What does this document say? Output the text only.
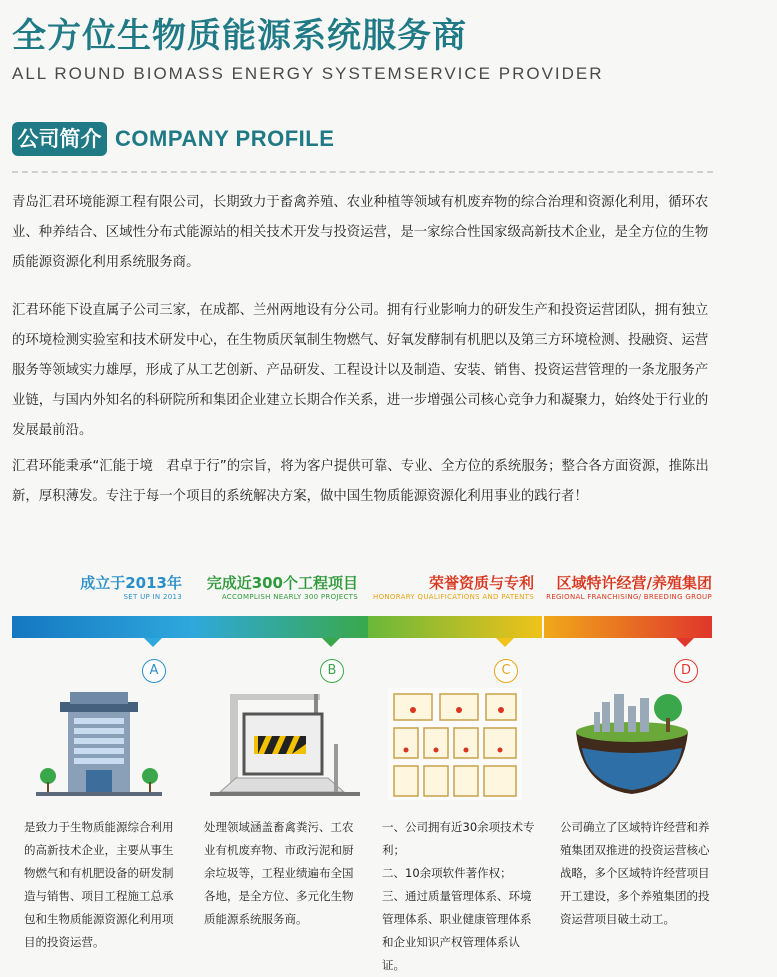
全方位生物质能源系统服务商
ALL ROUND BIOMASS ENERGY SYSTEMSERVICE PROVIDER
公司简介 COMPANY PROFILE
青岛汇君环境能源工程有限公司，长期致力于畜禽养殖、农业种植等领域有机废弃物的综合治理和资源化利用，循环农业、种养结合、区域性分布式能源站的相关技术开发与投资运营，是一家综合性国家级高新技术企业，是全方位的生物质能源资源化利用系统服务商。
汇君环能下设直属子公司三家，在成都、兰州两地设有分公司。拥有行业影响力的研发生产和投资运营团队，拥有独立的环境检测实验室和技术研发中心，在生物质厌氧制生物燃气、好氧发酵制有机肥以及第三方环境检测、投融资、运营服务等领域实力雄厚，形成了从工艺创新、产品研发、工程设计以及制造、安装、销售、投资运营管理的一条龙服务产业链，与国内外知名的科研院所和集团企业建立长期合作关系，进一步增强公司核心竞争力和凝聚力，始终处于行业的发展最前沿。
汇君环能秉承“汇能于境　君卓于行”的宗旨，将为客户提供可靠、专业、全方位的系统服务；整合各方面资源，推陈出新，厚积薄发。专注于每一个项目的系统解决方案，做中国生物质能源资源化利用事业的践行者！
成立于2013年
SET UP IN 2013
A
是致力于生物质能源综合利用的高新技术企业，主要从事生物燃气和有机肥设备的研发制造与销售、项目工程施工总承包和生物质能源资源化利用项目的投资运营。
完成近300个工程项目
ACCOMPLISH NEARLY 300 PROJECTS
B
处理领域涵盖畜禽粪污、工农业有机废弃物、市政污泥和厨余垃圾等，工程业绩遍布全国各地，是全方位、多元化生物质能源系统服务商。
荣誉资质与专利
HONORARY QUALIFICATIONS AND PATENTS
C
一、公司拥有近30余项技术专利；
二、10余项软件著作权；
三、通过质量管理体系、环境管理体系、职业健康管理体系和企业知识产权管理体系认证。
区域特许经营/养殖集团
REGIONAL FRANCHISING/ BREEDING GROUP
D
公司确立了区域特许经营和养殖集团双推进的投资运营核心战略，多个区域特许经营项目开工建设，多个养殖集团的投资运营项目破土动工。
